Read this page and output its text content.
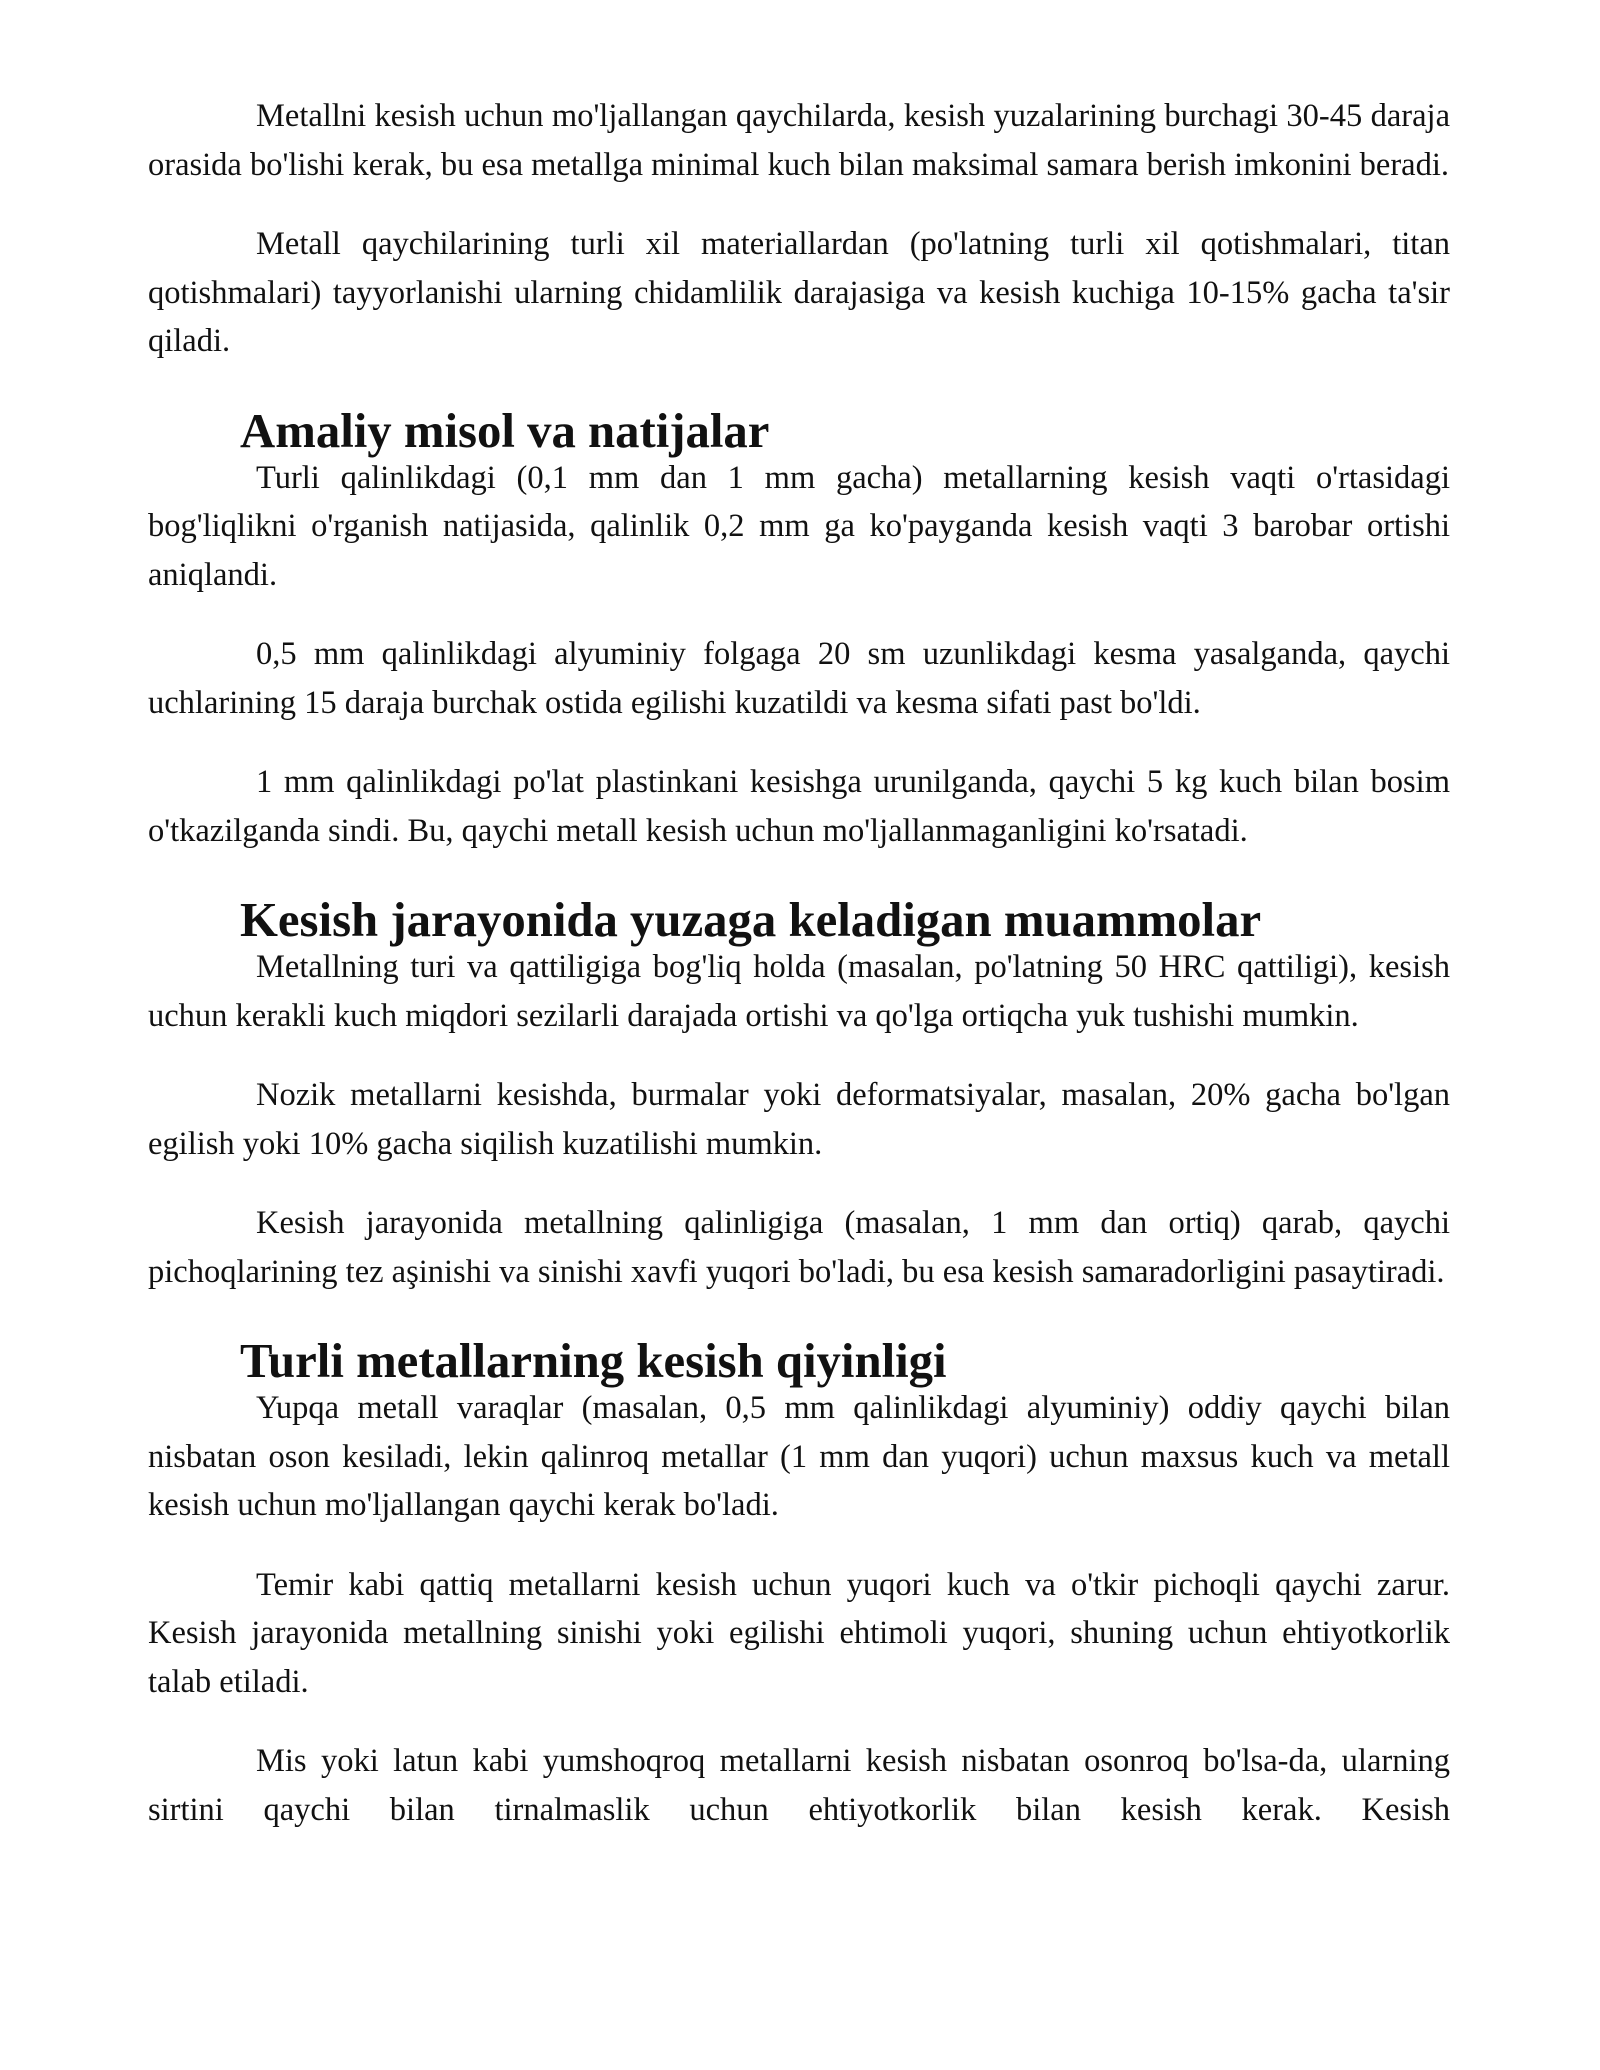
Metallni kesish uchun mo'ljallangan qaychilarda, kesish yuzalarining burchagi 30-45 daraja orasida bo'lishi kerak, bu esa metallga minimal kuch bilan maksimal samara berish imkonini beradi.

Metall qaychilarining turli xil materiallardan (po'latning turli xil qotishmalari, titan qotishmalari) tayyorlanishi ularning chidamlilik darajasiga va kesish kuchiga 10-15% gacha ta'sir qiladi.

Amaliy misol va natijalar

Turli qalinlikdagi (0,1 mm dan 1 mm gacha) metallarning kesish vaqti o'rtasidagi bog'liqlikni o'rganish natijasida, qalinlik 0,2 mm ga ko'payganda kesish vaqti 3 barobar ortishi aniqlandi.

0,5 mm qalinlikdagi alyuminiy folgaga 20 sm uzunlikdagi kesma yasalganda, qaychi uchlarining 15 daraja burchak ostida egilishi kuzatildi va kesma sifati past bo'ldi.

1 mm qalinlikdagi po'lat plastinkani kesishga urunilganda, qaychi 5 kg kuch bilan bosim o'tkazilganda sindi. Bu, qaychi metall kesish uchun mo'ljallanmaganligini ko'rsatadi.

Kesish jarayonida yuzaga keladigan muammolar

Metallning turi va qattiligiga bog'liq holda (masalan, po'latning 50 HRC qattiligi), kesish uchun kerakli kuch miqdori sezilarli darajada ortishi va qo'lga ortiqcha yuk tushishi mumkin.

Nozik metallarni kesishda, burmalar yoki deformatsiyalar, masalan, 20% gacha bo'lgan egilish yoki 10% gacha siqilish kuzatilishi mumkin.

Kesish jarayonida metallning qalinligiga (masalan, 1 mm dan ortiq) qarab, qaychi pichoqlarining tez aşinishi va sinishi xavfi yuqori bo'ladi, bu esa kesish samaradorligini pasaytiradi.

Turli metallarning kesish qiyinligi

Yupqa metall varaqlar (masalan, 0,5 mm qalinlikdagi alyuminiy) oddiy qaychi bilan nisbatan oson kesiladi, lekin qalinroq metallar (1 mm dan yuqori) uchun maxsus kuch va metall kesish uchun mo'ljallangan qaychi kerak bo'ladi.

Temir kabi qattiq metallarni kesish uchun yuqori kuch va o'tkir pichoqli qaychi zarur. Kesish jarayonida metallning sinishi yoki egilishi ehtimoli yuqori, shuning uchun ehtiyotkorlik talab etiladi.

Mis yoki latun kabi yumshoqroq metallarni kesish nisbatan osonroq bo'lsa-da, ularning sirtini qaychi bilan tirnalmaslik uchun ehtiyotkorlik bilan kesish kerak. Kesish
